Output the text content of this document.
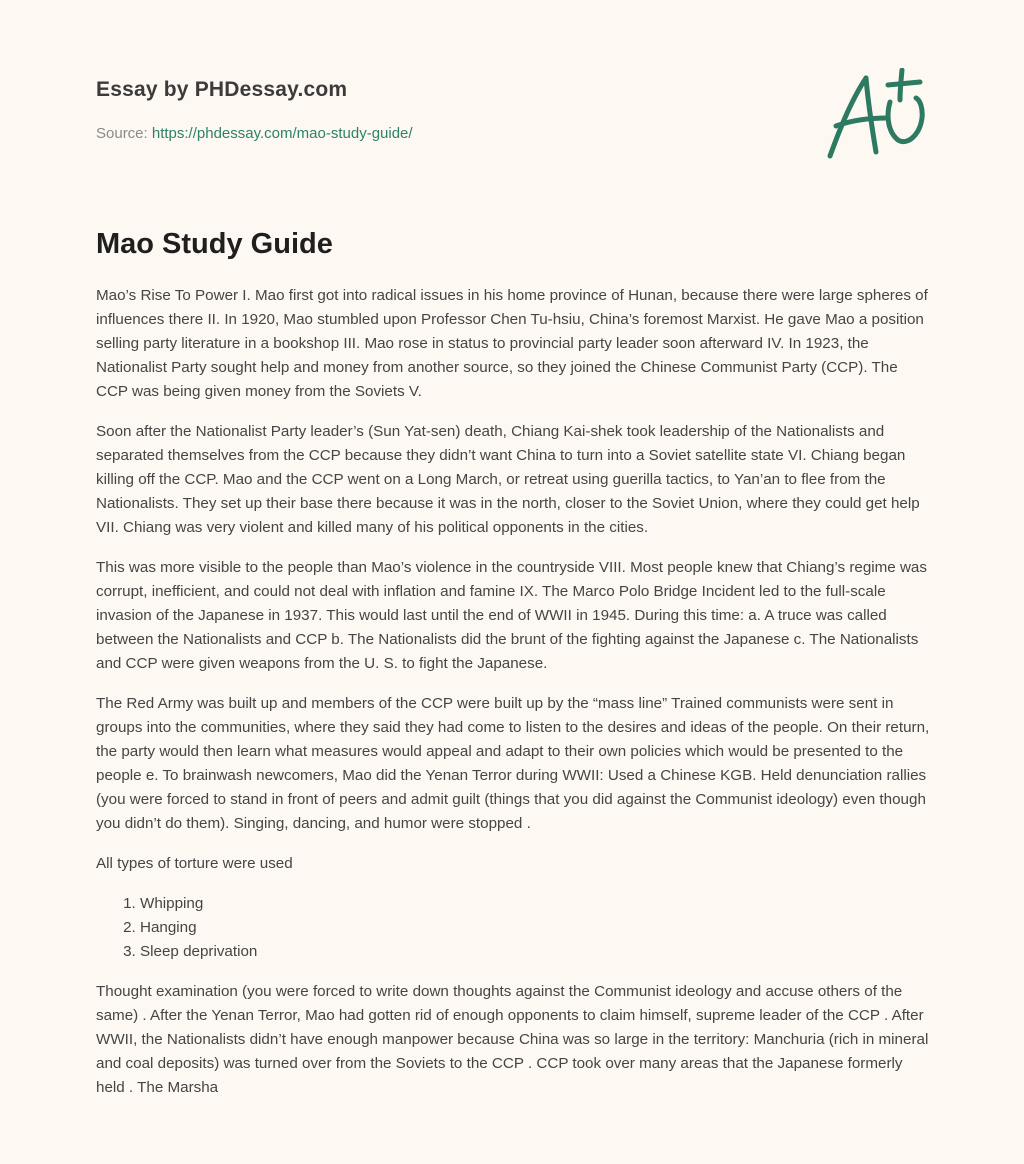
Essay by PHDessay.com
Source: https://phdessay.com/mao-study-guide/
Mao Study Guide

Mao’s Rise To Power I. Mao first got into radical issues in his home province of Hunan, because there were large spheres of influences there II. In 1920, Mao stumbled upon Professor Chen Tu-hsiu, China’s foremost Marxist. He gave Mao a position selling party literature in a bookshop III. Mao rose in status to provincial party leader soon afterward IV. In 1923, the Nationalist Party sought help and money from another source, so they joined the Chinese Communist Party (CCP). The CCP was being given money from the Soviets V.

Soon after the Nationalist Party leader’s (Sun Yat-sen) death, Chiang Kai-shek took leadership of the Nationalists and separated themselves from the CCP because they didn’t want China to turn into a Soviet satellite state VI. Chiang began killing off the CCP. Mao and the CCP went on a Long March, or retreat using guerilla tactics, to Yan’an to flee from the Nationalists. They set up their base there because it was in the north, closer to the Soviet Union, where they could get help VII. Chiang was very violent and killed many of his political opponents in the cities.

This was more visible to the people than Mao’s violence in the countryside VIII. Most people knew that Chiang’s regime was corrupt, inefficient, and could not deal with inflation and famine IX. The Marco Polo Bridge Incident led to the full-scale invasion of the Japanese in 1937. This would last until the end of WWII in 1945. During this time: a. A truce was called between the Nationalists and CCP b. The Nationalists did the brunt of the fighting against the Japanese c. The Nationalists and CCP were given weapons from the U. S. to fight the Japanese.

The Red Army was built up and members of the CCP were built up by the “mass line” Trained communists were sent in groups into the communities, where they said they had come to listen to the desires and ideas of the people. On their return, the party would then learn what measures would appeal and adapt to their own policies which would be presented to the people e. To brainwash newcomers, Mao did the Yenan Terror during WWII: Used a Chinese KGB. Held denunciation rallies (you were forced to stand in front of peers and admit guilt (things that you did against the Communist ideology) even though you didn’t do them). Singing, dancing, and humor were stopped .

All types of torture were used

1. Whipping
2. Hanging
3. Sleep deprivation

Thought examination (you were forced to write down thoughts against the Communist ideology and accuse others of the same) . After the Yenan Terror, Mao had gotten rid of enough opponents to claim himself, supreme leader of the CCP . After WWII, the Nationalists didn’t have enough manpower because China was so large in the territory: Manchuria (rich in mineral and coal deposits) was turned over from the Soviets to the CCP . CCP took over many areas that the Japanese formerly held . The Marsha
